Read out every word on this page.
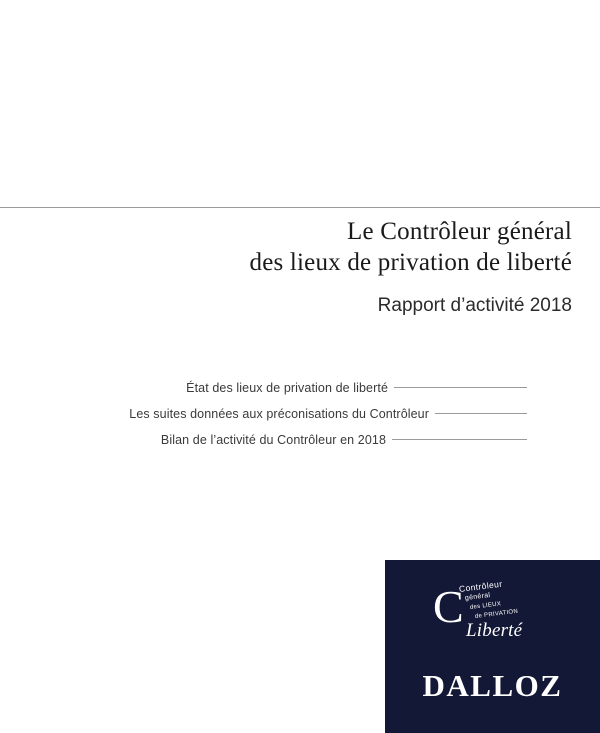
Le Contrôleur général
des lieux de privation de liberté
Rapport d’activité 2018
État des lieux de privation de liberté
Les suites données aux préconisations du Contrôleur
Bilan de l’activité du Contrôleur en 2018
C
Contrôleur
général
des LIEUX
de PRIVATION
Liberté
DALLOZ
